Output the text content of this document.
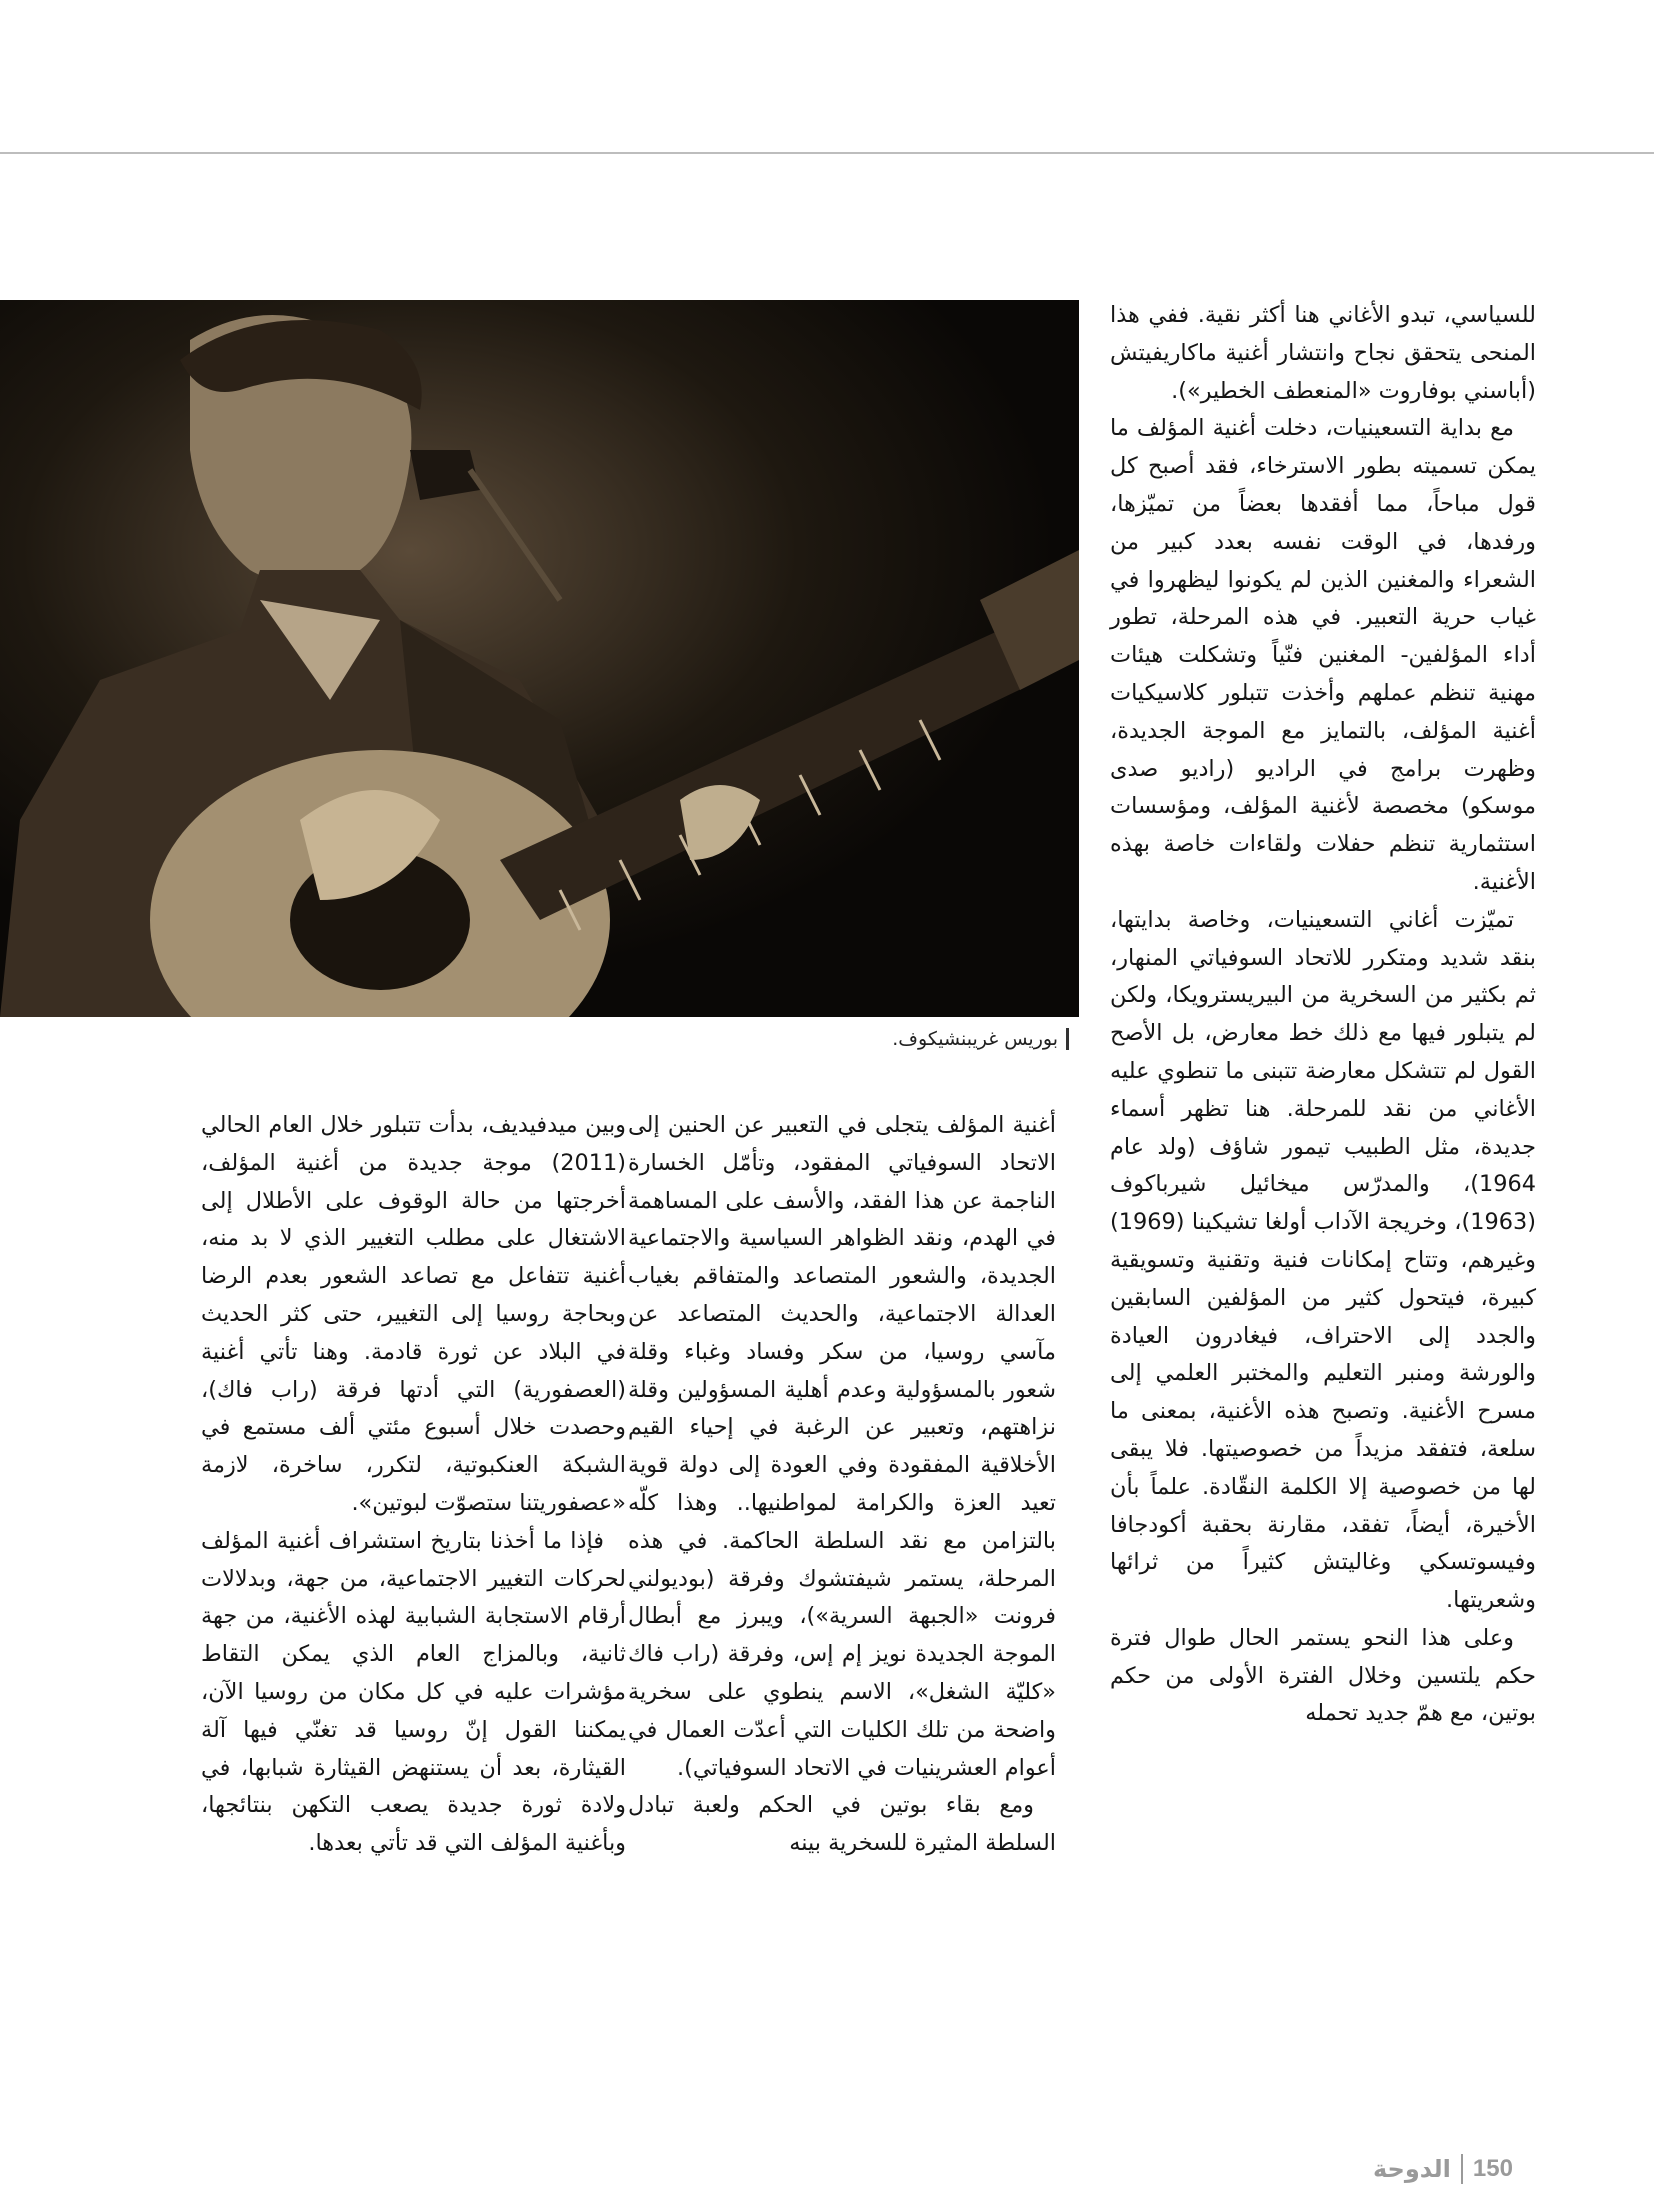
بوريس غريبنشيكوف.

للسياسي، تبدو الأغاني هنا أكثر نقية. ففي هذا المنحى يتحقق نجاح وانتشار أغنية ماكاريفيتش (أباسني بوفاروت «المنعطف الخطير»).

مع بداية التسعينيات، دخلت أغنية المؤلف ما يمكن تسميته بطور الاسترخاء، فقد أصبح كل قول مباحاً، مما أفقدها بعضاً من تميّزها، ورفدها، في الوقت نفسه بعدد كبير من الشعراء والمغنين الذين لم يكونوا ليظهروا في غياب حرية التعبير. في هذه المرحلة، تطور أداء المؤلفين- المغنين فنّياً وتشكلت هيئات مهنية تنظم عملهم وأخذت تتبلور كلاسيكيات أغنية المؤلف، بالتمايز مع الموجة الجديدة، وظهرت برامج في الراديو (راديو صدى موسكو) مخصصة لأغنية المؤلف، ومؤسسات استثمارية تنظم حفلات ولقاءات خاصة بهذه الأغنية.

تميّزت أغاني التسعينيات، وخاصة بدايتها، بنقد شديد ومتكرر للاتحاد السوفياتي المنهار، ثم بكثير من السخرية من البيريسترويكا، ولكن لم يتبلور فيها مع ذلك خط معارض، بل الأصح القول لم تتشكل معارضة تتبنى ما تنطوي عليه الأغاني من نقد للمرحلة. هنا تظهر أسماء جديدة، مثل الطبيب تيمور شاؤف (ولد عام 1964)، والمدرّس ميخائيل شيرباكوف (1963)، وخريجة الآداب أولغا تشيكينا (1969) وغيرهم، وتتاح إمكانات فنية وتقنية وتسويقية كبيرة، فيتحول كثير من المؤلفين السابقين والجدد إلى الاحتراف، فيغادرون العيادة والورشة ومنبر التعليم والمختبر العلمي إلى مسرح الأغنية. وتصبح هذه الأغنية، بمعنى ما سلعة، فتفقد مزيداً من خصوصيتها. فلا يبقى لها من خصوصية إلا الكلمة النقّادة. علماً بأن الأخيرة، أيضاً، تفقد، مقارنة بحقبة أكودجافا وفيسوتسكي وغاليتش كثيراً من ثرائها وشعريتها.

وعلى هذا النحو يستمر الحال طوال فترة حكم يلتسين وخلال الفترة الأولى من حكم بوتين، مع همّ جديد تحمله

أغنية المؤلف يتجلى في التعبير عن الحنين إلى الاتحاد السوفياتي المفقود، وتأمّل الخسارة الناجمة عن هذا الفقد، والأسف على المساهمة في الهدم، ونقد الظواهر السياسية والاجتماعية الجديدة، والشعور المتصاعد والمتفاقم بغياب العدالة الاجتماعية، والحديث المتصاعد عن مآسي روسيا، من سكر وفساد وغباء وقلة شعور بالمسؤولية وعدم أهلية المسؤولين وقلة نزاهتهم، وتعبير عن الرغبة في إحياء القيم الأخلاقية المفقودة وفي العودة إلى دولة قوية تعيد العزة والكرامة لمواطنيها.. وهذا كلّه بالتزامن مع نقد السلطة الحاكمة. في هذه المرحلة، يستمر شيفتشوك وفرقة (بوديولني فرونت «الجبهة السرية»)، ويبرز مع أبطال الموجة الجديدة نويز إم إس، وفرقة (راب فاك «كليّة الشغل»، الاسم ينطوي على سخرية واضحة من تلك الكليات التي أعدّت العمال في أعوام العشرينيات في الاتحاد السوفياتي).

ومع بقاء بوتين في الحكم ولعبة تبادل السلطة المثيرة للسخرية بينه

وبين ميدفيديف، بدأت تتبلور خلال العام الحالي (2011) موجة جديدة من أغنية المؤلف، أخرجتها من حالة الوقوف على الأطلال إلى الاشتغال على مطلب التغيير الذي لا بد منه، أغنية تتفاعل مع تصاعد الشعور بعدم الرضا وبحاجة روسيا إلى التغيير، حتى كثر الحديث في البلاد عن ثورة قادمة. وهنا تأتي أغنية (العصفورية) التي أدتها فرقة (راب فاك)، وحصدت خلال أسبوع مئتي ألف مستمع في الشبكة العنكبوتية، لتكرر، ساخرة، لازمة «عصفوريتنا ستصوّت لبوتين».

فإذا ما أخذنا بتاريخ استشراف أغنية المؤلف لحركات التغيير الاجتماعية، من جهة، وبدلالات أرقام الاستجابة الشبابية لهذه الأغنية، من جهة ثانية، وبالمزاج العام الذي يمكن التقاط مؤشرات عليه في كل مكان من روسيا الآن، يمكننا القول إنّ روسيا قد تغنّي فيها آلة القيثارة، بعد أن يستنهض القيثارة شبابها، في ولادة ثورة جديدة يصعب التكهن بنتائجها، وبأغنية المؤلف التي قد تأتي بعدها.

الدوحة 150
